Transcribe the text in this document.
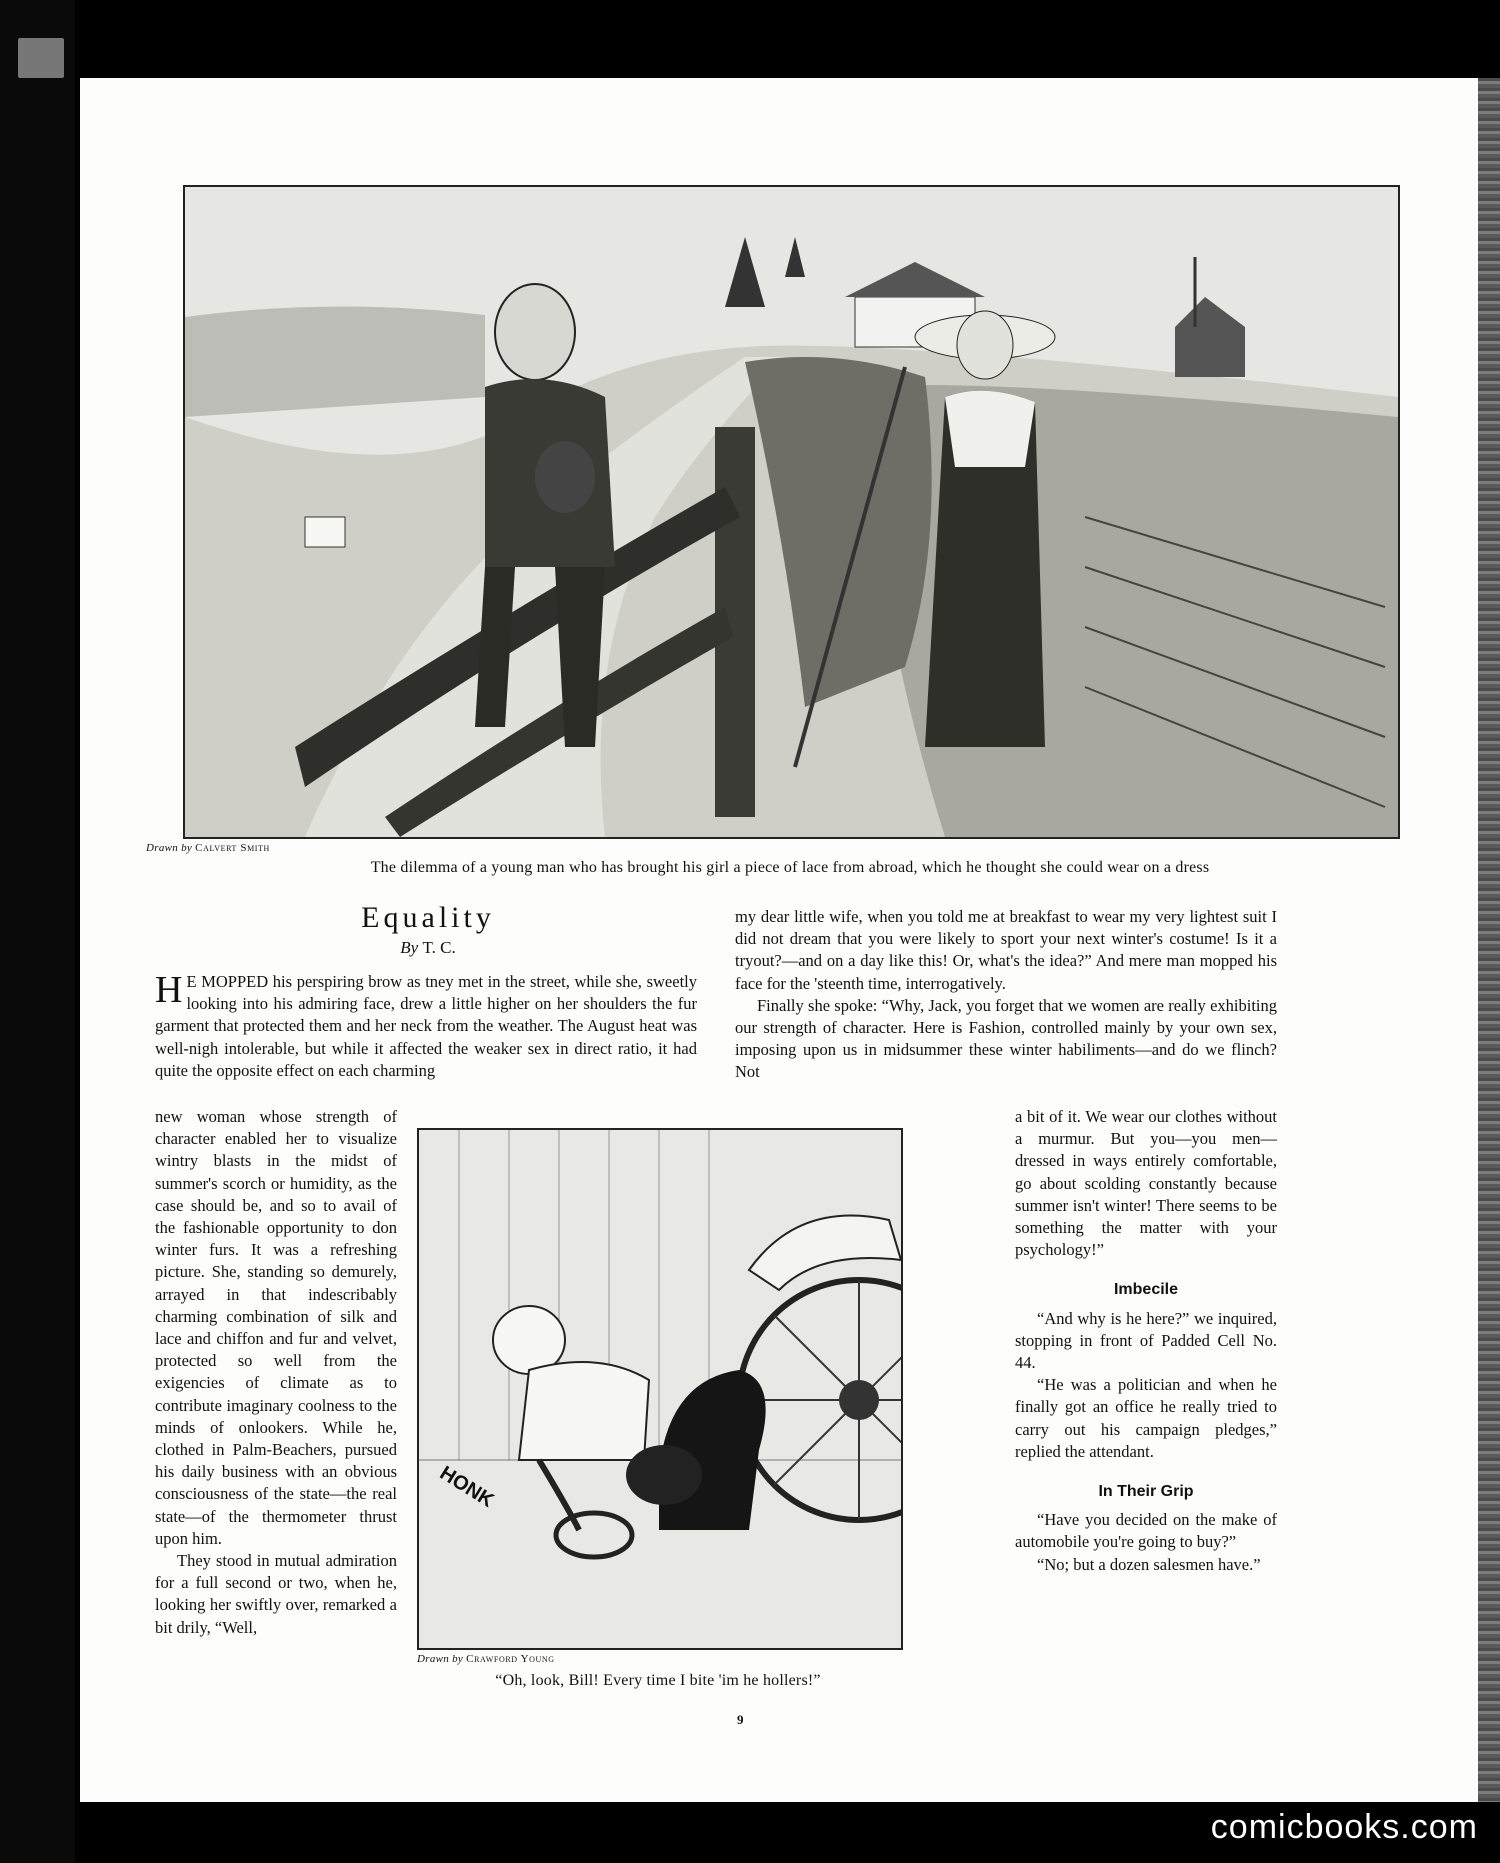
Drawn by Calvert Smith
The dilemma of a young man who has brought his girl a piece of lace from abroad, which he thought she could wear on a dress
Equality
By T. C.

H E MOPPED his perspiring brow as tney met in the street, while she, sweetly looking into his admiring face, drew a little higher on her shoulders the fur garment that protected them and her neck from the weather. The August heat was well-nigh intolerable, but while it affected the weaker sex in direct ratio, it had quite the opposite effect on each charming

new woman whose strength of character enabled her to visualize wintry blasts in the midst of summer's scorch or humidity, as the case should be, and so to avail of the fashionable opportunity to don winter furs. It was a refreshing picture. She, standing so demurely, arrayed in that indescribably charming combination of silk and lace and chiffon and fur and velvet, protected so well from the exigencies of climate as to contribute imaginary coolness to the minds of onlookers. While he, clothed in Palm-Beachers, pursued his daily business with an obvious consciousness of the state—the real state—of the thermometer thrust upon him.

They stood in mutual admiration for a full second or two, when he, looking her swiftly over, remarked a bit drily, “Well,

my dear little wife, when you told me at breakfast to wear my very lightest suit I did not dream that you were likely to sport your next winter's costume! Is it a tryout?—and on a day like this! Or, what's the idea?” And mere man mopped his face for the 'steenth time, interrogatively.

Finally she spoke: “Why, Jack, you forget that we women are really exhibiting our strength of character. Here is Fashion, controlled mainly by your own sex, imposing upon us in midsummer these winter habiliments—and do we flinch? Not

HONK
Drawn by Crawford Young
“Oh, look, Bill! Every time I bite 'im he hollers!”

a bit of it. We wear our clothes without a murmur. But you—you men—dressed in ways entirely comfortable, go about scolding constantly because summer isn't winter! There seems to be something the matter with your psychology!”

Imbecile

“And why is he here?” we inquired, stopping in front of Padded Cell No. 44.

“He was a politician and when he finally got an office he really tried to carry out his campaign pledges,” replied the attendant.

In Their Grip

“Have you decided on the make of automobile you're going to buy?”

“No; but a dozen salesmen have.”

9
comicbooks.com
